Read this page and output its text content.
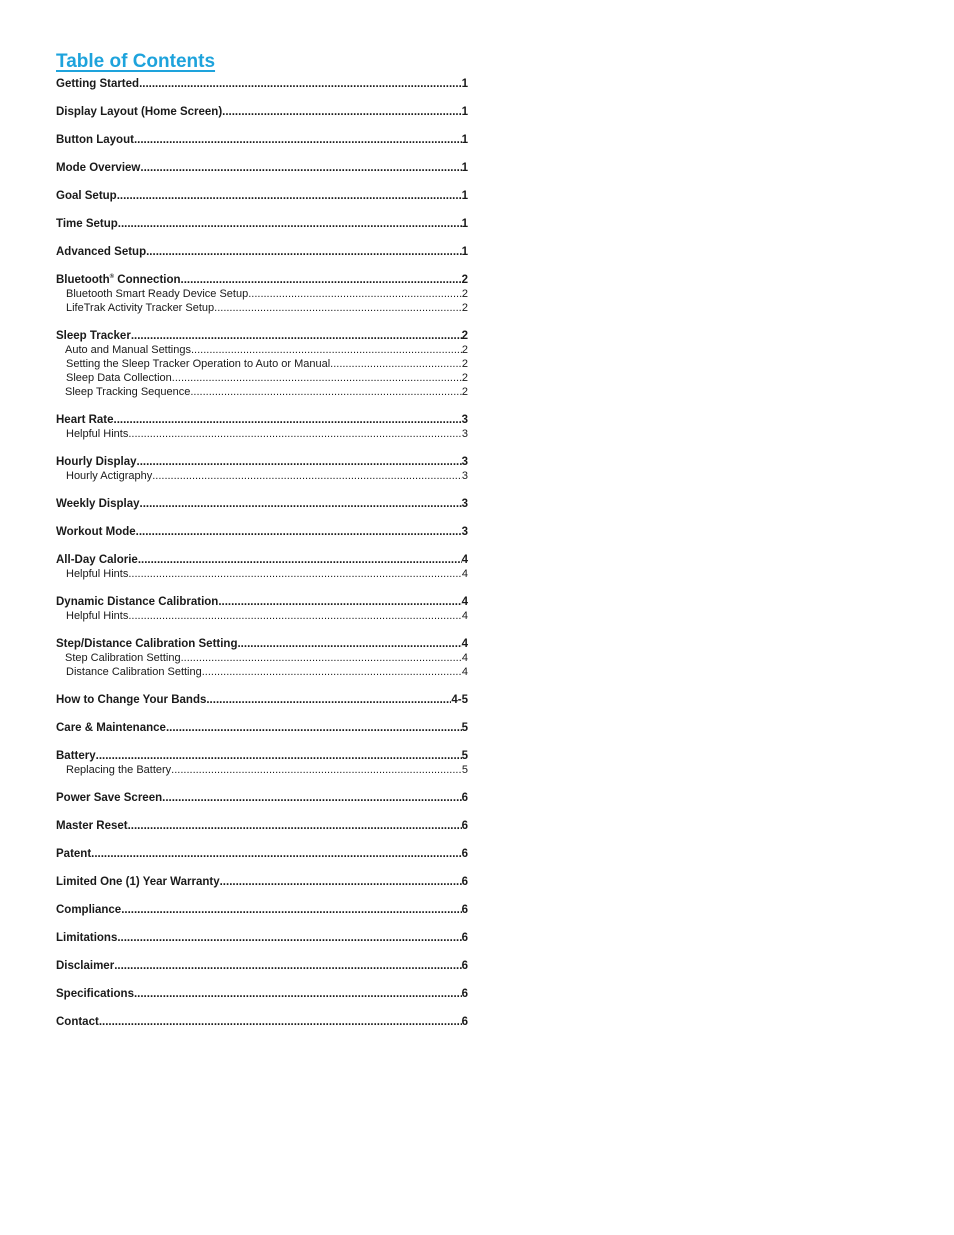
Table of Contents
Getting Started .....	1
Display Layout (Home Screen) .....	1
Button Layout .....	1
Mode Overview .....	1
Goal Setup .....	1
Time Setup .....	1
Advanced Setup .....	1
Bluetooth® Connection .....	2
Bluetooth Smart Ready Device Setup .....	2
LifeTrak Activity Tracker Setup .....	2
Sleep Tracker .....	2
Auto and Manual Settings .....	2
Setting the Sleep Tracker Operation to Auto or Manual .....	2
Sleep Data Collection .....	2
Sleep Tracking Sequence .....	2
Heart Rate .....	3
Helpful Hints .....	3
Hourly Display .....	3
Hourly Actigraphy .....	3
Weekly Display .....	3
Workout Mode .....	3
All-Day Calorie .....	4
Helpful Hints .....	4
Dynamic Distance Calibration .....	4
Helpful Hints .....	4
Step/Distance Calibration Setting .....	4
Step Calibration Setting .....	4
Distance Calibration Setting .....	4
How to Change Your Bands .....	4-5
Care & Maintenance .....	5
Battery .....	5
Replacing the Battery .....	5
Power Save Screen .....	6
Master Reset .....	6
Patent .....	6
Limited One (1) Year Warranty .....	6
Compliance .....	6
Limitations .....	6
Disclaimer .....	6
Specifications .....	6
Contact .....	6
